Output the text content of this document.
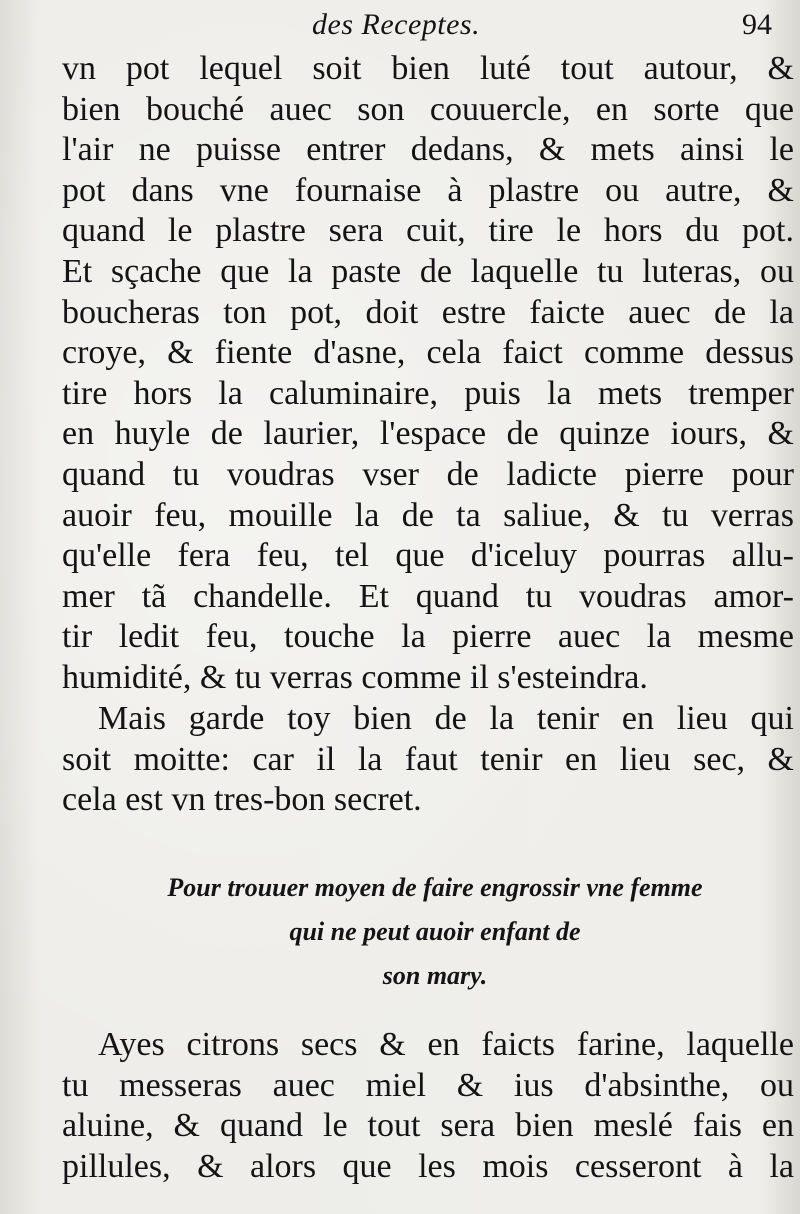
des Receptes.	94
vn pot lequel soit bien luté tout autour, &
bien bouché auec son couuercle, en sorte que
l'air ne puisse entrer dedans, & mets ainsi le
pot dans vne fournaise à plastre ou autre, &
quand le plastre sera cuit, tire le hors du pot.
Et sçache que la paste de laquelle tu luteras, ou
boucheras ton pot, doit estre faicte auec de la
croye, & fiente d'asne, cela faict comme dessus
tire hors la caluminaire, puis la mets tremper
en huyle de laurier, l'espace de quinze iours, &
quand tu voudras vser de ladicte pierre pour
auoir feu, mouille la de ta saliue, & tu verras
qu'elle fera feu, tel que d'iceluy pourras allu-
mer tã chandelle. Et quand tu voudras amor-
tir ledit feu, touche la pierre auec la mesme
humidité, & tu verras comme il s'esteindra.
Mais garde toy bien de la tenir en lieu qui
soit moitte: car il la faut tenir en lieu sec, &
cela est vn tres-bon secret.
Pour trouuer moyen de faire engrossir vne femme
qui ne peut auoir enfant de
son mary.
Ayes citrons secs & en faicts farine, laquelle
tu messeras auec miel & ius d'absinthe, ou
aluine, & quand le tout sera bien meslé fais en
pillules, & alors que les mois cesseront à la
